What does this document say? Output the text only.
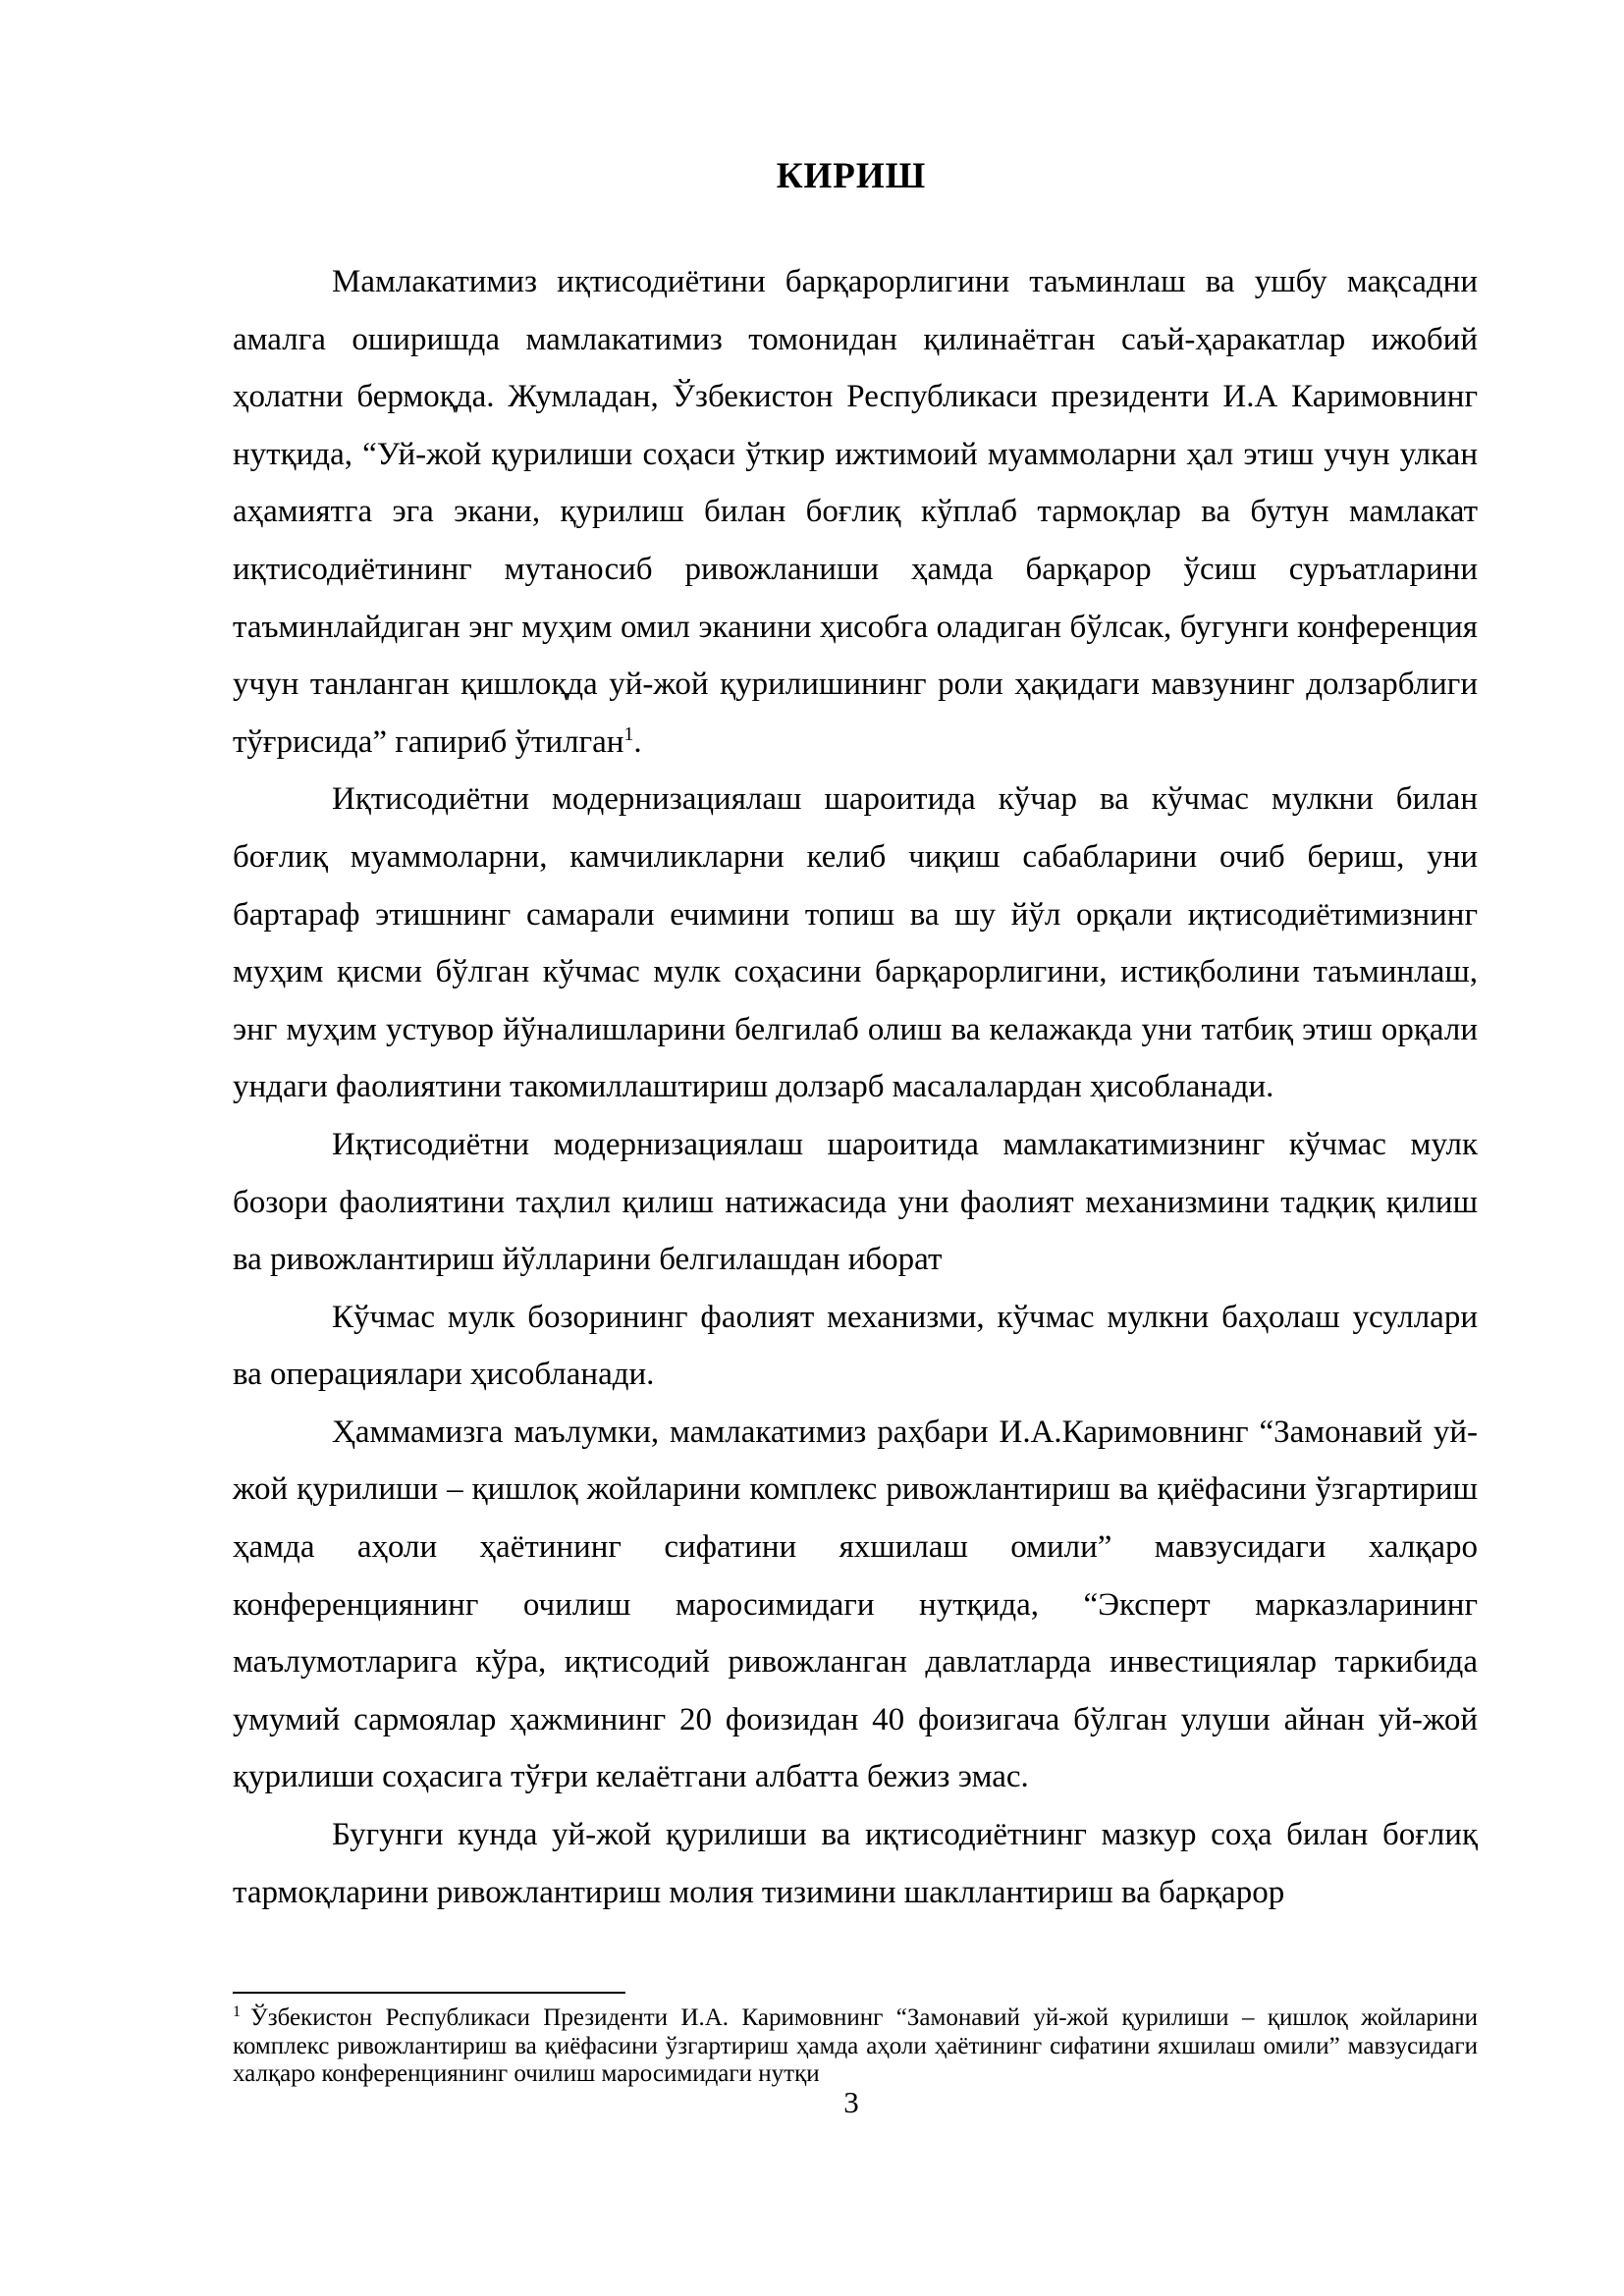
КИРИШ

Мамлакатимиз иқтисодиётини барқарорлигини таъминлаш ва ушбу мақсадни амалга оширишда мамлакатимиз томонидан қилинаётган саъй-ҳаракатлар ижобий ҳолатни бермоқда. Жумладан, Ўзбекистон Республикаси президенти И.А Каримовнинг нутқида, “Уй-жой қурилиши соҳаси ўткир ижтимоий муаммоларни ҳал этиш учун улкан аҳамиятга эга экани, қурилиш билан боғлиқ кўплаб тармоқлар ва бутун мамлакат иқтисодиётининг мутаносиб ривожланиши ҳамда барқарор ўсиш суръатларини таъминлайдиган энг муҳим омил эканини ҳисобга оладиган бўлсак, бугунги конференция учун танланган қишлоқда уй-жой қурилишининг роли ҳақидаги мавзунинг долзарблиги тўғрисида” гапириб ўтилган$^1$.

Иқтисодиётни модернизациялаш шароитида кўчар ва кўчмас мулкни билан боғлиқ муаммоларни, камчиликларни келиб чиқиш сабабларини очиб бериш, уни бартараф этишнинг самарали ечимини топиш ва шу йўл орқали иқтисодиётимизнинг муҳим қисми бўлган кўчмас мулк соҳасини барқарорлигини, истиқболини таъминлаш, энг муҳим устувор йўналишларини белгилаб олиш ва келажакда уни татбиқ этиш орқали ундаги фаолиятини такомиллаштириш долзарб масалалардан ҳисобланади.

Иқтисодиётни модернизациялаш шароитида мамлакатимизнинг кўчмас мулк бозори фаолиятини таҳлил қилиш натижасида уни фаолият механизмини тадқиқ қилиш ва ривожлантириш йўлларини белгилашдан иборат

Кўчмас мулк бозорининг фаолият механизми, кўчмас мулкни баҳолаш усуллари ва операциялари ҳисобланади.

Ҳаммамизга маълумки, мамлакатимиз раҳбари И.А.Каримовнинг “Замонавий уй-жой қурилиши – қишлоқ жойларини комплекс ривожлантириш ва қиёфасини ўзгартириш ҳамда аҳоли ҳаётининг сифатини яхшилаш омили” мавзусидаги халқаро конференциянинг очилиш маросимидаги нутқида, “Эксперт марказларининг маълумотларига кўра, иқтисодий ривожланган давлатларда инвестициялар таркибида умумий сармоялар ҳажмининг 20 фоизидан 40 фоизигача бўлган улуши айнан уй-жой қурилиши соҳасига тўғри келаётгани албатта бежиз эмас.

Бугунги кунда уй-жой қурилиши ва иқтисодиётнинг мазкур соҳа билан боғлиқ тармоқларини ривожлантириш молия тизимини шакллантириш ва барқарор

$^1$ Ўзбекистон Республикаси Президенти И.А. Каримовнинг “Замонавий уй-жой қурилиши – қишлоқ жойларини комплекс ривожлантириш ва қиёфасини ўзгартириш ҳамда аҳоли ҳаётининг сифатини яхшилаш омили” мавзусидаги халқаро конференциянинг очилиш маросимидаги нутқи

3
